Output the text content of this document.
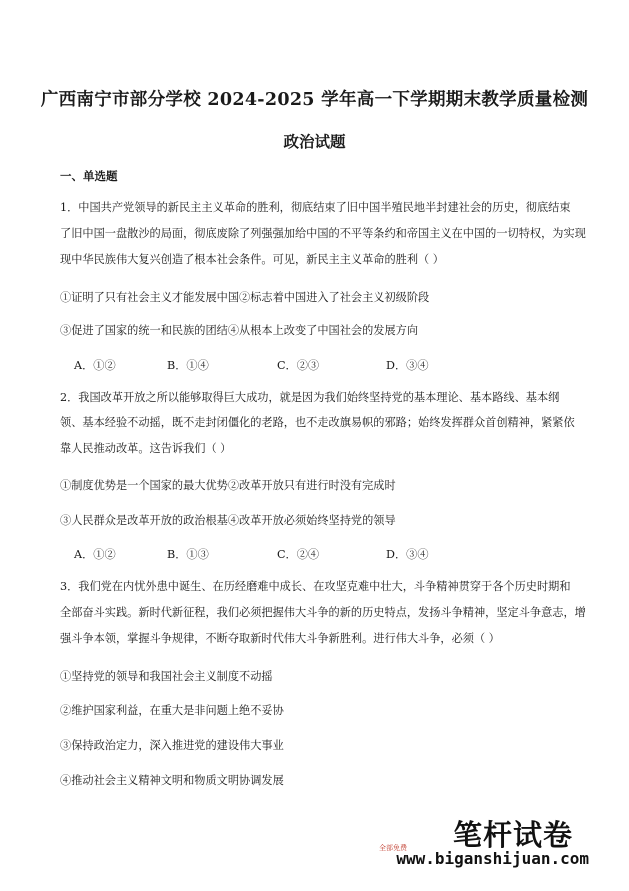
广西南宁市部分学校 2024-2025 学年高一下学期期末教学质量检测
政治试题
一、单选题
1．中国共产党领导的新民主主义革命的胜利，彻底结束了旧中国半殖民地半封建社会的历史，彻底结束
了旧中国一盘散沙的局面，彻底废除了列强强加给中国的不平等条约和帝国主义在中国的一切特权，为实现
现中华民族伟大复兴创造了根本社会条件。可见，新民主主义革命的胜利（ ）
①证明了只有社会主义才能发展中国②标志着中国进入了社会主义初级阶段
③促进了国家的统一和民族的团结④从根本上改变了中国社会的发展方向
A．①②	B．①④	C．②③	D．③④
2．我国改革开放之所以能够取得巨大成功，就是因为我们始终坚持党的基本理论、基本路线、基本纲
领、基本经验不动摇，既不走封闭僵化的老路，也不走改旗易帜的邪路；始终发挥群众首创精神，紧紧依
靠人民推动改革。这告诉我们（ ）
①制度优势是一个国家的最大优势②改革开放只有进行时没有完成时
③人民群众是改革开放的政治根基④改革开放必须始终坚持党的领导
A．①②	B．①③	C．②④	D．③④
3．我们党在内忧外患中诞生、在历经磨难中成长、在攻坚克难中壮大，斗争精神贯穿于各个历史时期和
全部奋斗实践。新时代新征程，我们必须把握伟大斗争的新的历史特点，发扬斗争精神，坚定斗争意志，增
强斗争本领，掌握斗争规律，不断夺取新时代伟大斗争新胜利。进行伟大斗争，必须（ ）
①坚持党的领导和我国社会主义制度不动摇
②维护国家利益，在重大是非问题上绝不妥协
③保持政治定力，深入推进党的建设伟大事业
④推动社会主义精神文明和物质文明协调发展
笔杆试卷
全部免费
www.biganshijuan.com
